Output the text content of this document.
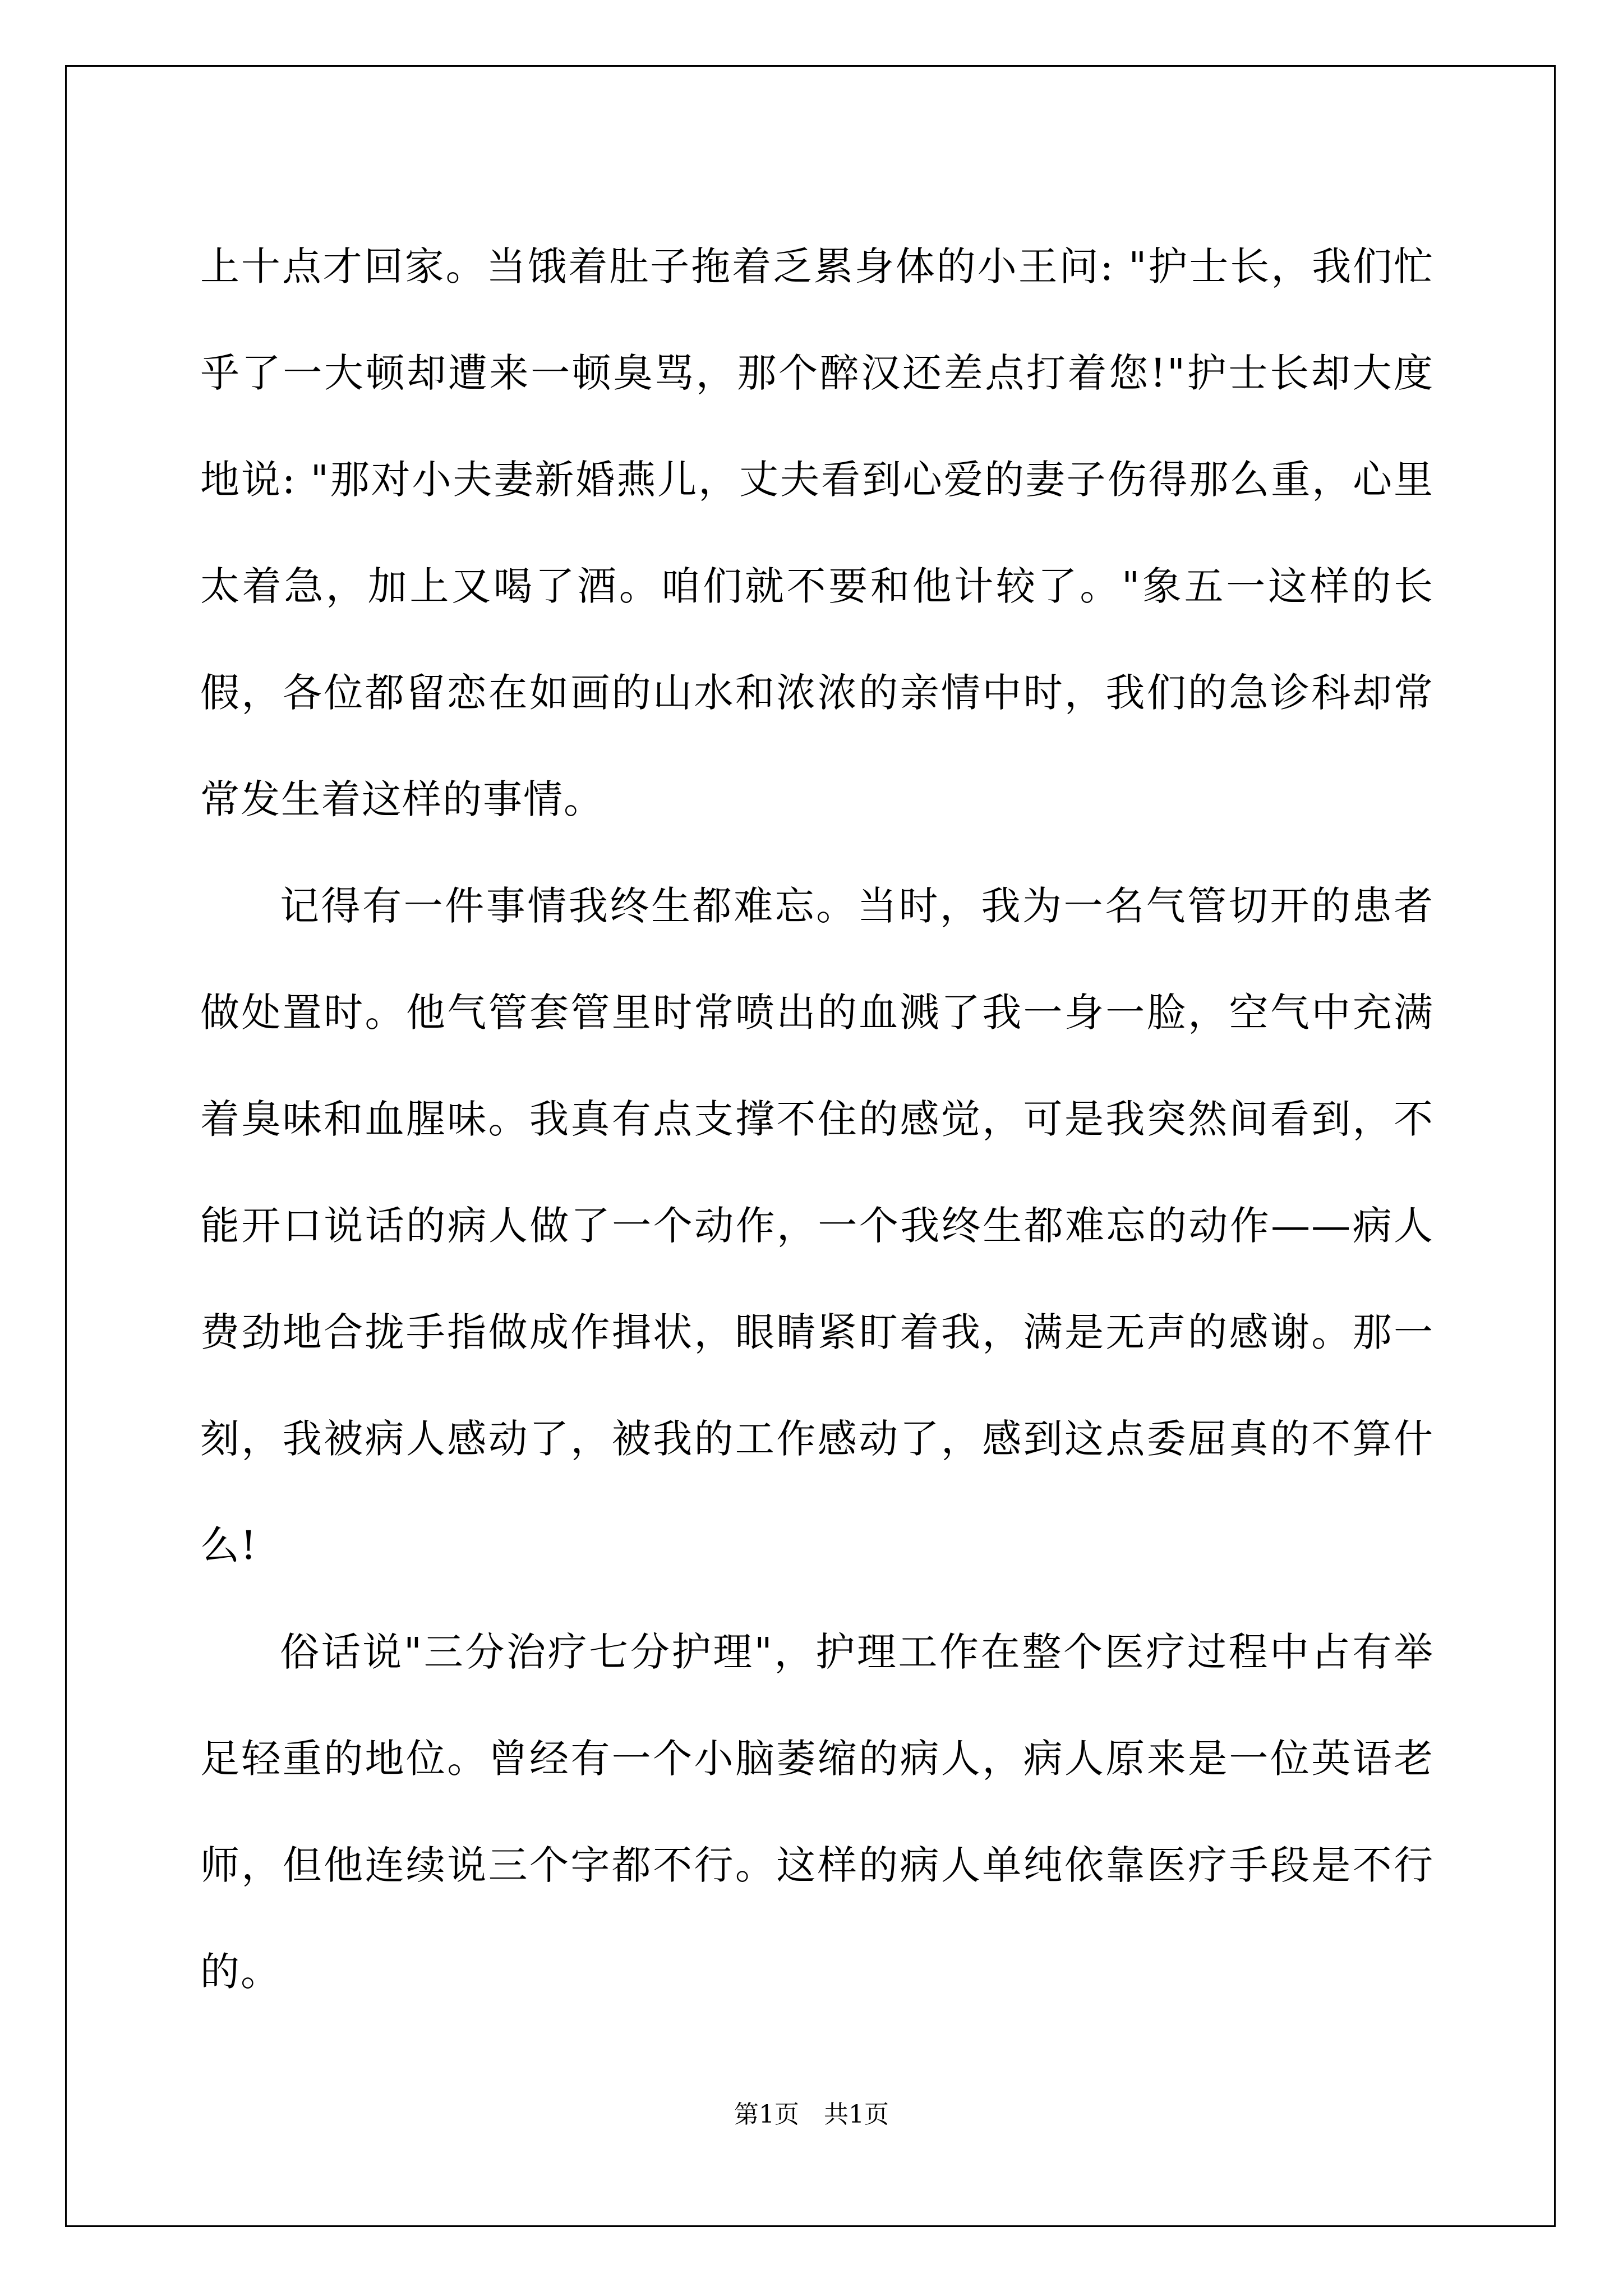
上十点才回家。当饿着肚子拖着乏累身体的小王问: "护士长，我们忙乎了一大顿却遭来一顿臭骂，那个醉汉还差点打着您!"护士长却大度地说: "那对小夫妻新婚燕儿，丈夫看到心爱的妻子伤得那么重，心里太着急，加上又喝了酒。咱们就不要和他计较了。"象五一这样的长假，各位都留恋在如画的山水和浓浓的亲情中时，我们的急诊科却常常发生着这样的事情。

记得有一件事情我终生都难忘。当时，我为一名气管切开的患者做处置时。他气管套管里时常喷出的血溅了我一身一脸，空气中充满着臭味和血腥味。我真有点支撑不住的感觉，可是我突然间看到，不能开口说话的病人做了一个动作，一个我终生都难忘的动作——病人费劲地合拢手指做成作揖状，眼睛紧盯着我，满是无声的感谢。那一刻，我被病人感动了，被我的工作感动了，感到这点委屈真的不算什么!

俗话说"三分治疗七分护理"，护理工作在整个医疗过程中占有举足轻重的地位。曾经有一个小脑萎缩的病人，病人原来是一位英语老师，但他连续说三个字都不行。这样的病人单纯依靠医疗手段是不行的。

第1页　共1页
